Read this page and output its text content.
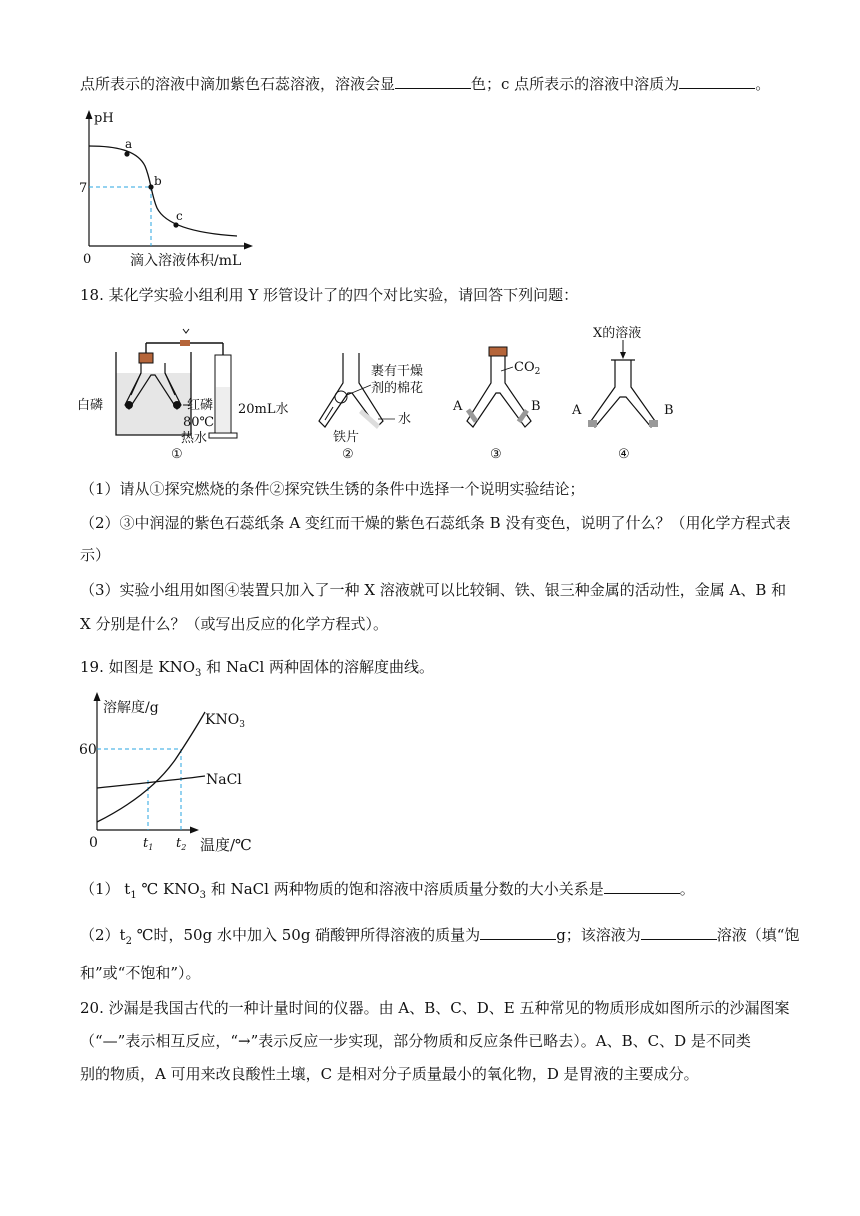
点所表示的溶液中滴加紫色石蕊溶液，溶液会显	色；c 点所表示的溶液中溶质为	。
pH
7
0
a
b
c
滴入溶液体积/mL
18. 某化学实验小组利用 Y 形管设计了的四个对比实验，请回答下列问题：
白磷	红磷
80℃
热水
20mL水
①
裹有干燥
剂的棉花
水
铁片
②
$CO_2$
A	B
③
X的溶液
A	B
④
（1）请从①探究燃烧的条件②探究铁生锈的条件中选择一个说明实验结论；
（2）③中润湿的紫色石蕊纸条 A 变红而干燥的紫色石蕊纸条 B 没有变色，说明了什么？（用化学方程式表
示）
（3）实验小组用如图④装置只加入了一种 X 溶液就可以比较铜、铁、银三种金属的活动性，金属 A、B 和
X 分别是什么？（或写出反应的化学方程式）。
19. 如图是 $KNO_3$ 和 NaCl 两种固体的溶解度曲线。
溶解度/g
60
0
$KNO_3$
NaCl
$t_1$ $t_2$ 温度/℃
（1） $t_1$ ℃ $KNO_3$ 和 NaCl 两种物质的饱和溶液中溶质质量分数的大小关系是	。
$(2)t_2$ ℃时，50g 水中加入 50g 硝酸钾所得溶液的质量为	g；该溶液为	溶液（填“饱
和”或“不饱和”）。
20. 沙漏是我国古代的一种计量时间的仪器。由 A、B、C、D、E 五种常见的物质形成如图所示的沙漏图案
（“—”表示相互反应，“→”表示反应一步实现，部分物质和反应条件已略去）。A、B、C、D 是不同类
别的物质，A 可用来改良酸性土壤，C 是相对分子质量最小的氧化物，D 是胃液的主要成分。
